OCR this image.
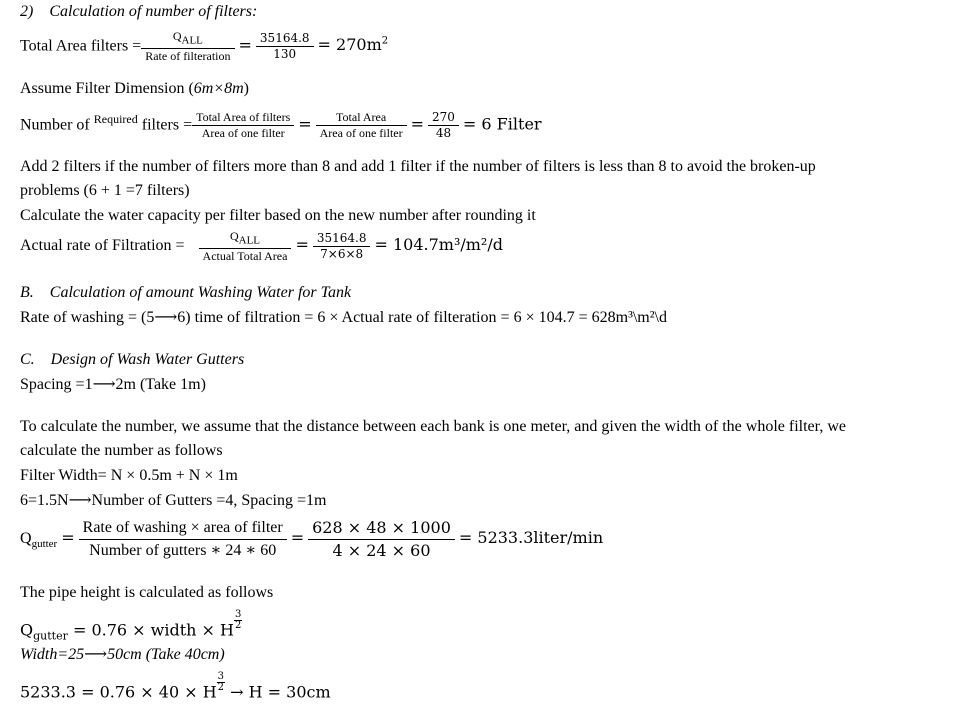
2) Calculation of number of filters:
Total Area filters = $\frac{Q_{ALL}}{\text{Rate of filteration}} = \frac{35164.8}{130} = 270m^2$
Assume Filter Dimension (6m×8m)
Number of $^{Required}$ filters = $\frac{\text{Total Area of filters}}{\text{Area of one filter}} = \frac{\text{Total Area}}{\text{Area of one filter}} = \frac{270}{48} = 6$ Filter
Add 2 filters if the number of filters more than 8 and add 1 filter if the number of filters is less than 8 to avoid the broken-up
problems (6 + 1 =7 filters)
Calculate the water capacity per filter based on the new number after rounding it
Actual rate of Filtration = $\frac{Q_{ALL}}{\text{Actual Total Area}} = \frac{35164.8}{7\times 6\times 8} = 104.7m^3/m^2/d$
B. Calculation of amount Washing Water for Tank
Rate of washing = (5⟶6) time of filtration = 6 × Actual rate of filteration = 6 × 104.7 = 628m³\m²\d
C. Design of Wash Water Gutters
Spacing =1⟶2m (Take 1m)
To calculate the number, we assume that the distance between each bank is one meter, and given the width of the whole filter, we
calculate the number as follows
Filter Width= N × 0.5m + N × 1m
6=1.5N⟶Number of Gutters =4, Spacing =1m
$Q_{gutter} = \frac{\text{Rate of washing × area of filter}}{\text{Number of gutters ∗ 24 ∗ 60}} = \frac{628 \times 48 \times 1000}{4 \times 24 \times 60}$ = 5233.3liter/min
The pipe height is calculated as follows
$Q_{gutter} = 0.76$ × width × H $\frac{3}{2}$
Width=25⟶50cm (Take 40cm)
5233.3 = 0.76 × 40 × H $\frac{3}{2} \to H = 30cm$
